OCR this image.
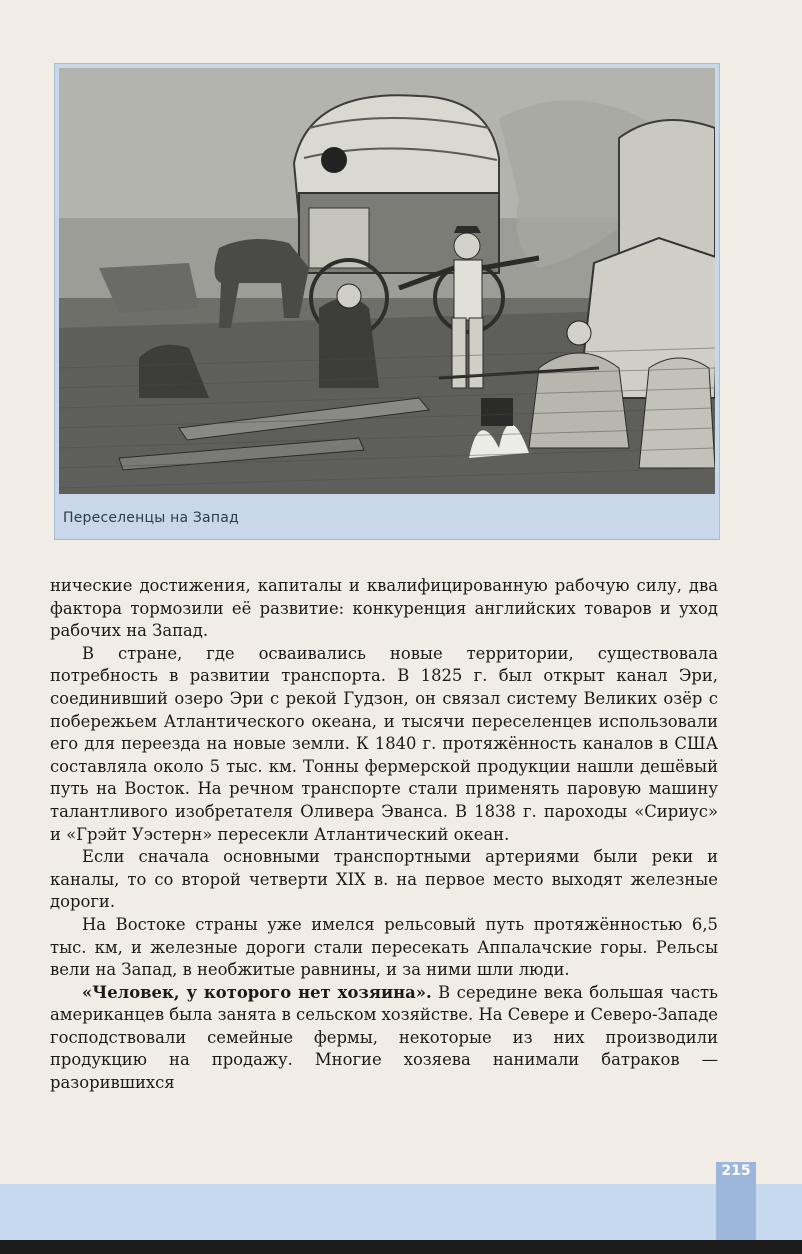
Переселенцы на Запад

нические достижения, капиталы и квалифицированную рабочую силу, два фактора тормозили её развитие: конкуренция английских товаров и уход рабочих на Запад.

В стране, где осваивались новые территории, существовала потребность в развитии транспорта. В 1825 г. был открыт канал Эри, соединивший озеро Эри с рекой Гудзон, он связал систему Великих озёр с побережьем Атлантического океана, и тысячи переселенцев использовали его для переезда на новые земли. К 1840 г. протяжённость каналов в США составляла около 5 тыс. км. Тонны фермерской продукции нашли дешёвый путь на Восток. На речном транспорте стали применять паровую машину талантливого изобретателя Оливера Эванса. В 1838 г. пароходы «Сириус» и «Грэйт Уэстерн» пересекли Атлантический океан.

Если сначала основными транспортными артериями были реки и каналы, то со второй четверти XIX в. на первое место выходят железные дороги.

На Востоке страны уже имелся рельсовый путь протяжённостью 6,5 тыс. км, и железные дороги стали пересекать Аппалачские горы. Рельсы вели на Запад, в необжитые равнины, и за ними шли люди.

«Человек, у которого нет хозяина». В середине века большая часть американцев была занята в сельском хозяйстве. На Севере и Северо-Западе господствовали семейные фермы, некоторые из них производили продукцию на продажу. Многие хозяева нанимали батраков — разорившихся

215
